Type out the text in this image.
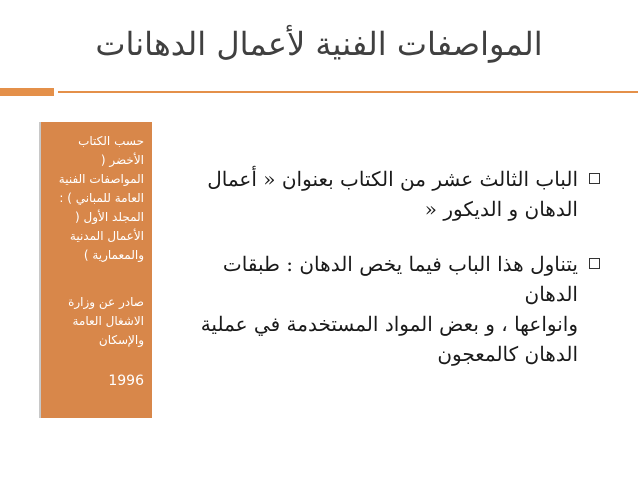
المواصفات الفنية لأعمال الدهانات
حسب الكتاب
الأخضر (
المواصفات الفنية
العامة للمباني ) :
المجلد الأول (
الأعمال المدنية
والمعمارية )
صادر عن وزارة
الاشغال العامة
والإسكان
1996
الباب الثالث عشر من الكتاب بعنوان « أعمال
الدهان و الديكور «
يتناول هذا الباب فيما يخص الدهان : طبقات الدهان
وانواعها ، و بعض المواد المستخدمة في عملية
الدهان كالمعجون
